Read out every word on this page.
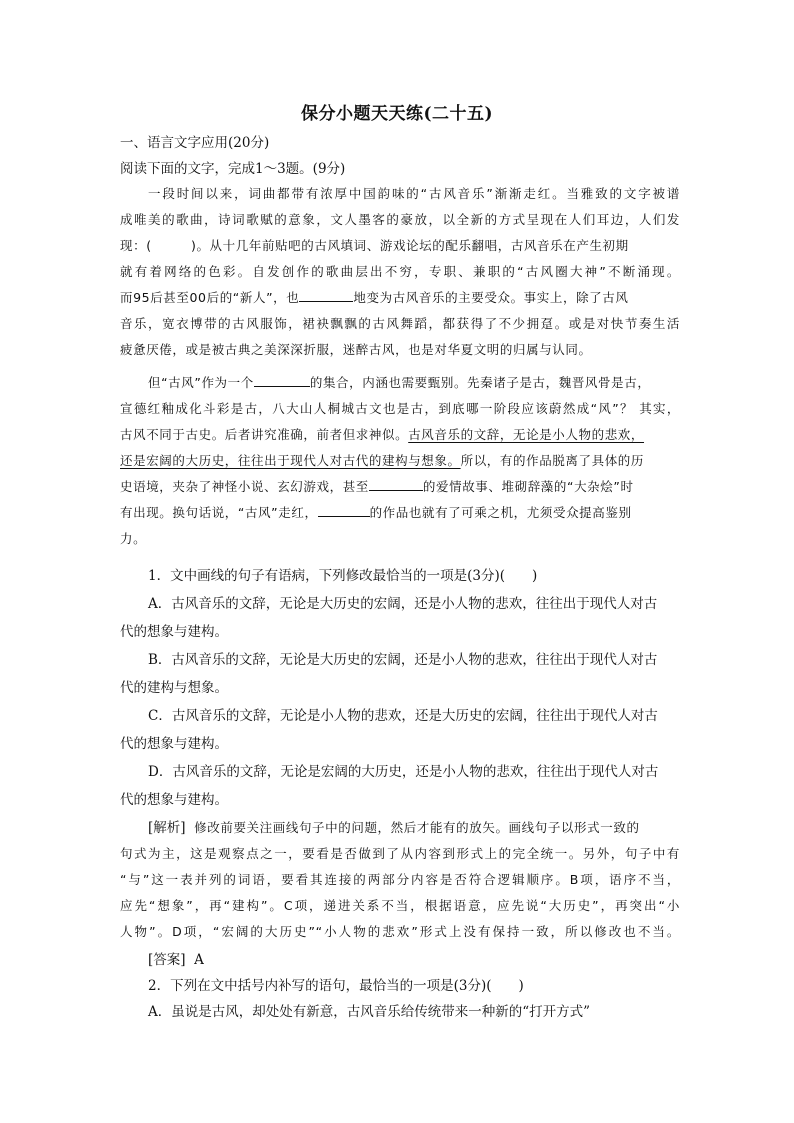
保分小题天天练(二十五)
一、语言文字应用(20分)
阅读下面的文字，完成1～3题。(9分)
一段时间以来，词曲都带有浓厚中国韵味的“古风音乐”渐渐走红。当雅致的文字被谱
成唯美的歌曲，诗词歌赋的意象，文人墨客的豪放，以全新的方式呈现在人们耳边，人们发
现：(　　　)。从十几年前贴吧的古风填词、游戏论坛的配乐翻唱，古风音乐在产生初期
就有着网络的色彩。自发创作的歌曲层出不穷，专职、兼职的“古风圈大神”不断涌现。
而95后甚至00后的“新人”，也	地变为古风音乐的主要受众。事实上，除了古风
音乐，宽衣博带的古风服饰，裙袂飘飘的古风舞蹈，都获得了不少拥趸。或是对快节奏生活
疲惫厌倦，或是被古典之美深深折服，迷醉古风，也是对华夏文明的归属与认同。
但“古风”作为一个	的集合，内涵也需要甄别。先秦诸子是古，魏晋风骨是古，
宣德红釉成化斗彩是古，八大山人桐城古文也是古，到底哪一阶段应该蔚然成“风”？ 其实，
古风不同于古史。后者讲究准确，前者但求神似。古风音乐的文辞，无论是小人物的悲欢，
还是宏阔的大历史，往往出于现代人对古代的建构与想象。所以，有的作品脱离了具体的历
史语境，夹杂了神怪小说、玄幻游戏，甚至	的爱情故事、堆砌辞藻的“大杂烩”时
有出现。换句话说，“古风”走红，	的作品也就有了可乘之机，尤须受众提高鉴别
力。
1．文中画线的句子有语病，下列修改最恰当的一项是(3分)(　　)
A．古风音乐的文辞，无论是大历史的宏阔，还是小人物的悲欢，往往出于现代人对古
代的想象与建构。
B．古风音乐的文辞，无论是大历史的宏阔，还是小人物的悲欢，往往出于现代人对古
代的建构与想象。
C．古风音乐的文辞，无论是小人物的悲欢，还是大历史的宏阔，往往出于现代人对古
代的想象与建构。
D．古风音乐的文辞，无论是宏阔的大历史，还是小人物的悲欢，往往出于现代人对古
代的想象与建构。
[解析] 修改前要关注画线句子中的问题，然后才能有的放矢。画线句子以形式一致的
句式为主，这是观察点之一，要看是否做到了从内容到形式上的完全统一。另外，句子中有
“与”这一表并列的词语，要看其连接的两部分内容是否符合逻辑顺序。B项，语序不当，
应先“想象”，再“建构”。C项，递进关系不当，根据语意，应先说“大历史”，再突出“小
人物”。D项，“宏阔的大历史”“小人物的悲欢”形式上没有保持一致，所以修改也不当。
[答案] A
2．下列在文中括号内补写的语句，最恰当的一项是(3分)(　　)
A．虽说是古风，却处处有新意，古风音乐给传统带来一种新的“打开方式”
